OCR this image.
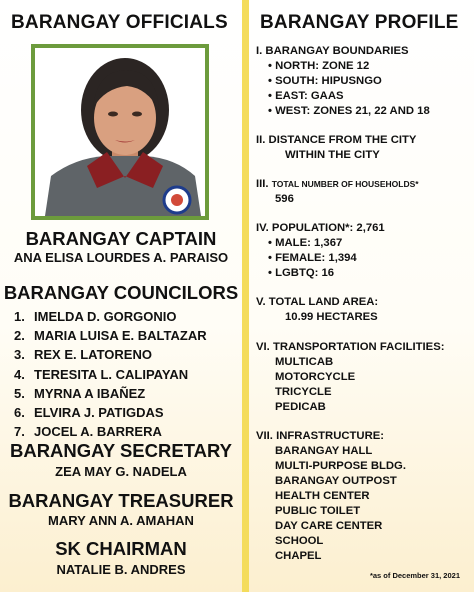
BARANGAY OFFICIALS
BARANGAY CAPTAIN
ANA ELISA LOURDES A. PARAISO
BARANGAY COUNCILORS
1. IMELDA D. GORGONIO
2. MARIA LUISA E. BALTAZAR
3. REX E. LATORENO
4. TERESITA L. CALIPAYAN
5. MYRNA A IBAÑEZ
6. ELVIRA J. PATIGDAS
7. JOCEL A. BARRERA
BARANGAY SECRETARY
ZEA MAY G. NADELA
BARANGAY TREASURER
MARY ANN A. AMAHAN
SK CHAIRMAN
NATALIE B. ANDRES
BARANGAY PROFILE
I. BARANGAY BOUNDARIES
• NORTH: ZONE 12
• SOUTH: HIPUSNGO
• EAST: GAAS
• WEST: ZONES 21, 22 AND 18
II. DISTANCE FROM THE CITY
WITHIN THE CITY
III. TOTAL NUMBER OF HOUSEHOLDS*
596
IV. POPULATION*: 2,761
• MALE: 1,367
• FEMALE: 1,394
• LGBTQ: 16
V. TOTAL LAND AREA:
10.99 HECTARES
VI. TRANSPORTATION FACILITIES:
MULTICAB
MOTORCYCLE
TRICYCLE
PEDICAB
VII. INFRASTRUCTURE:
BARANGAY HALL
MULTI-PURPOSE BLDG.
BARANGAY OUTPOST
HEALTH CENTER
PUBLIC TOILET
DAY CARE CENTER
SCHOOL
CHAPEL
*as of December 31, 2021
